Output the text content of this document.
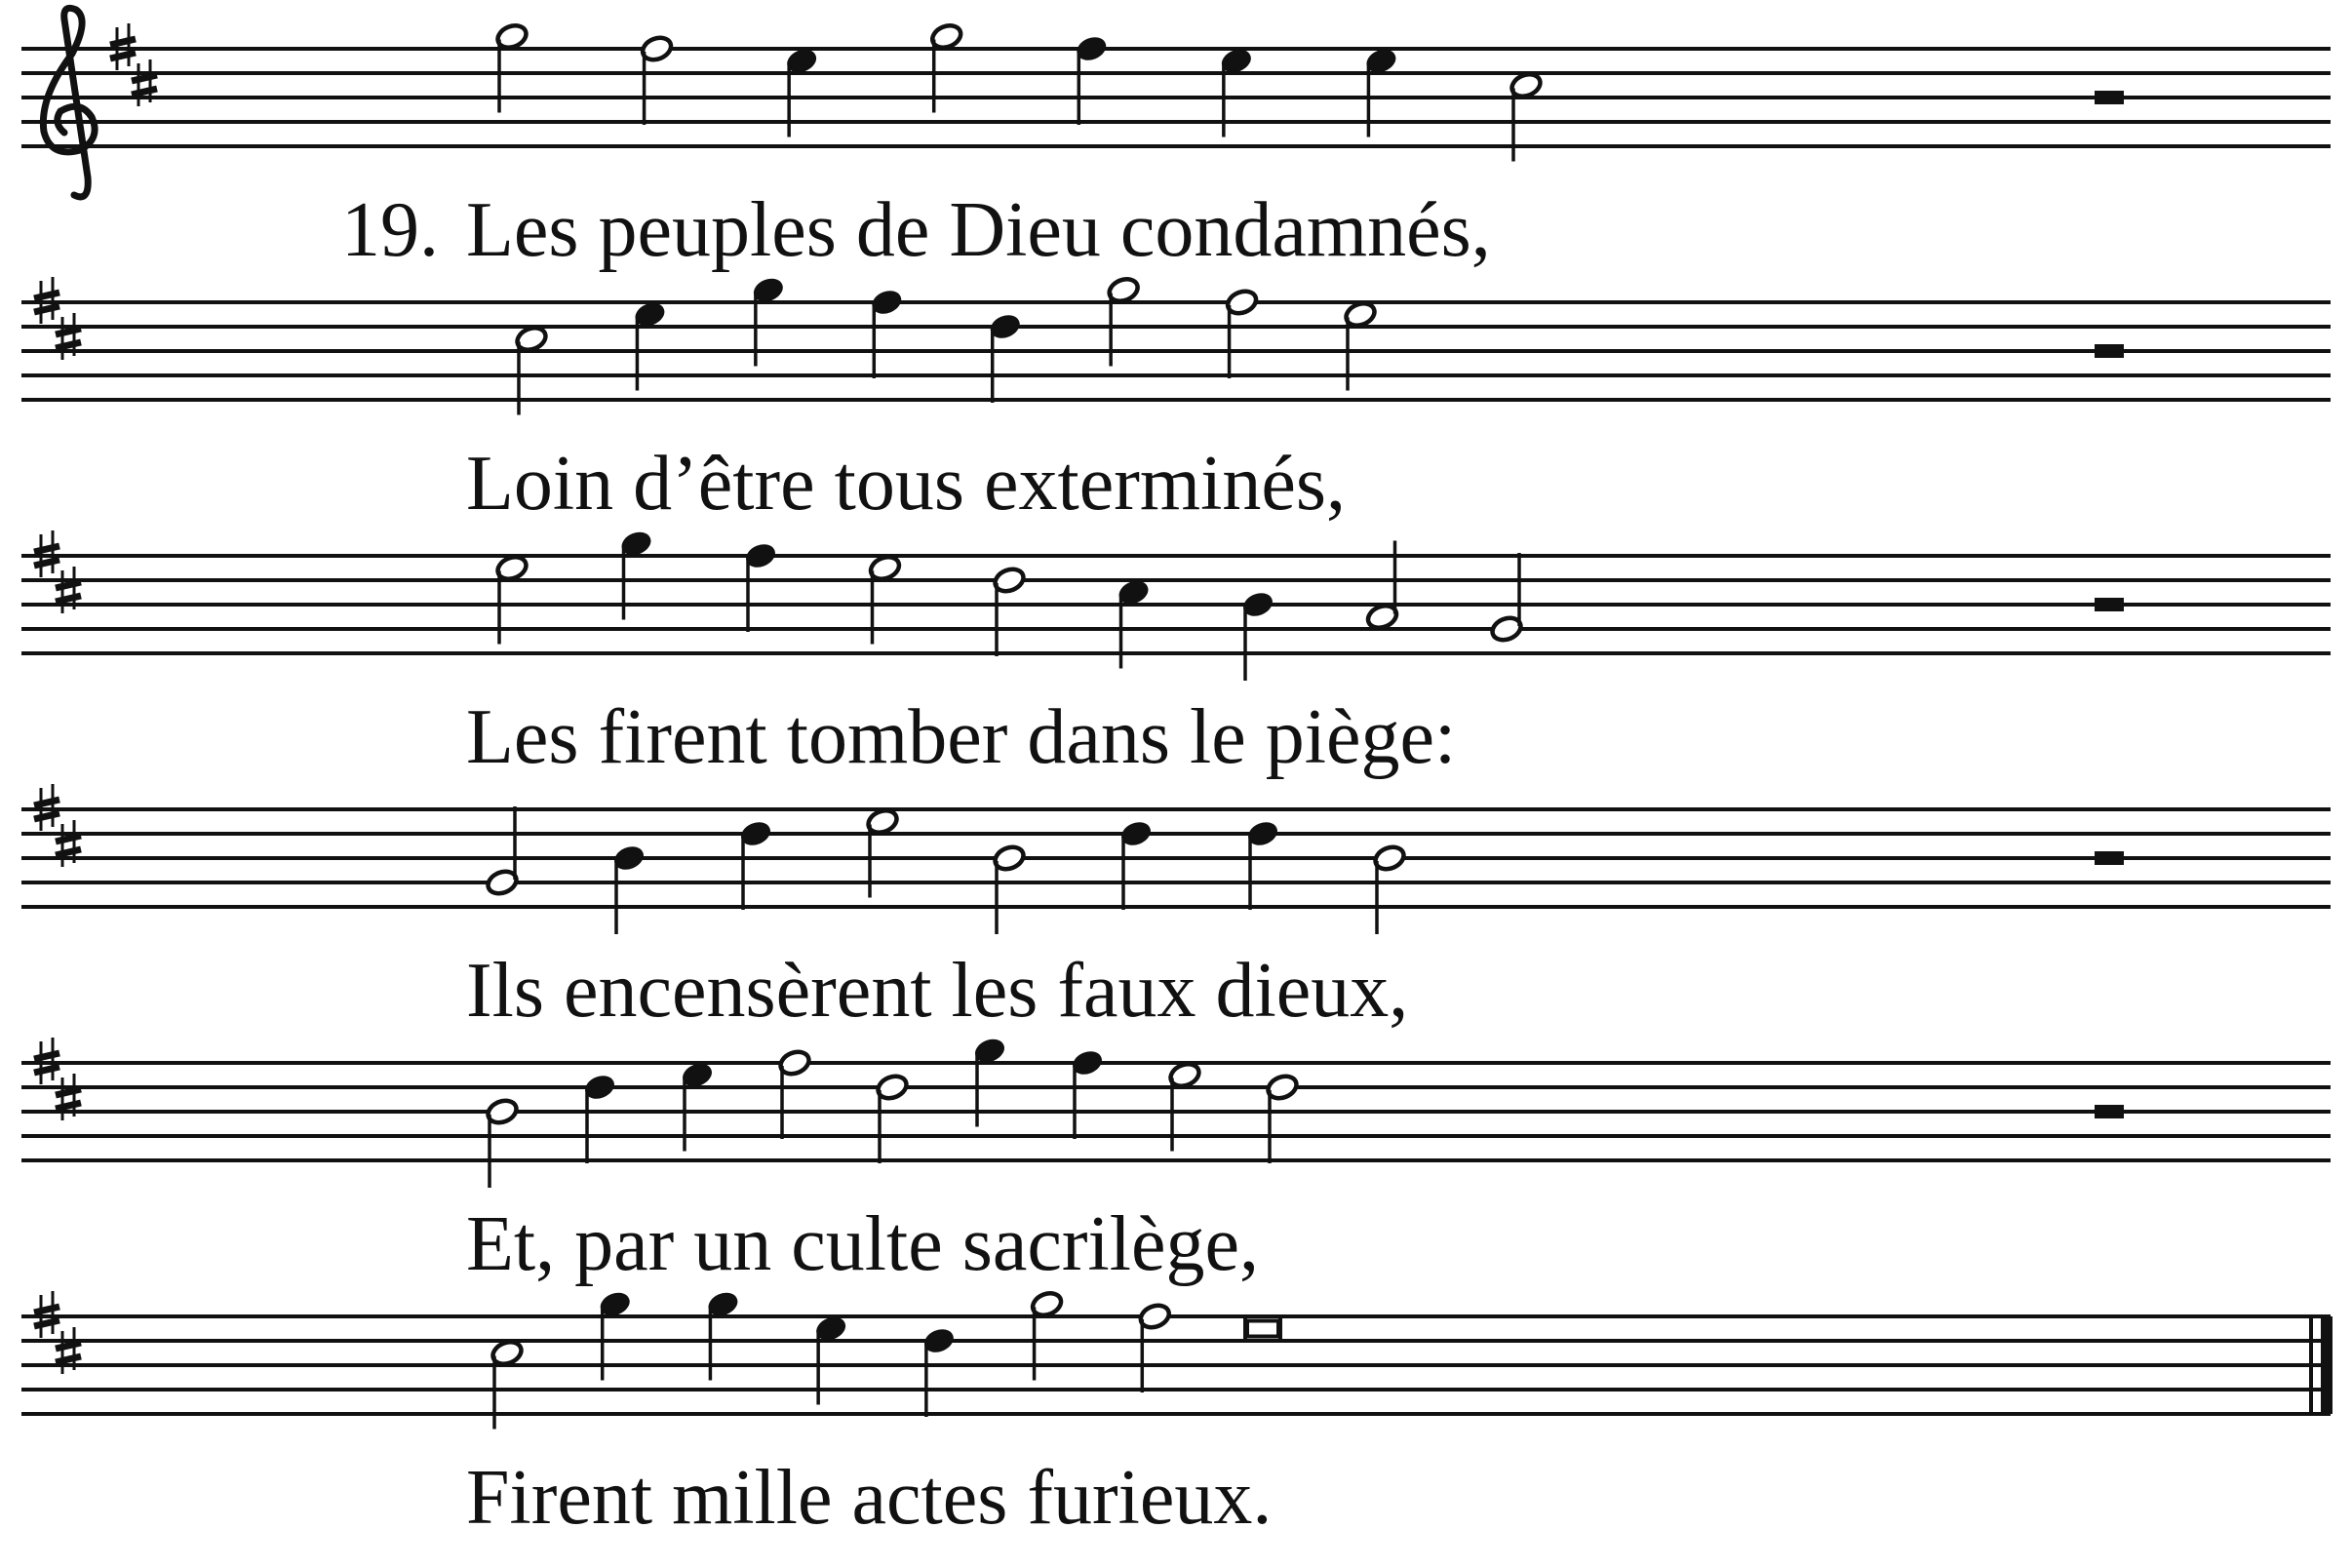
19. Les peuples de Dieu condamnés,
Loin d’être tous exterminés,
Les firent tomber dans le piège:
Ils encensèrent les faux dieux,
Et, par un culte sacrilège,
Firent mille actes furieux.
